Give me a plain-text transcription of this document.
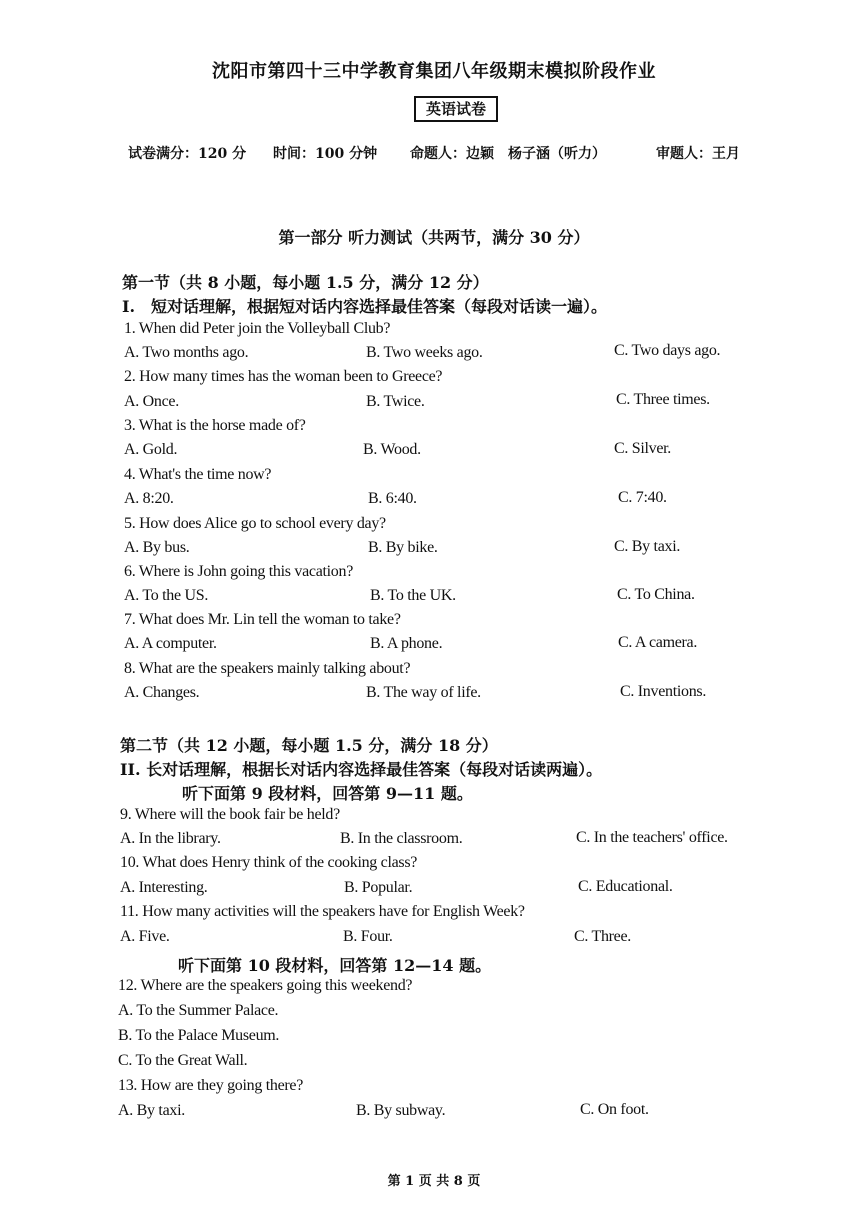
沈阳市第四十三中学教育集团八年级期末模拟阶段作业
英语试卷
试卷满分：120 分 时间：100 分钟 命题人：边颖　杨子涵（听力）	审题人：王月
第一部分 听力测试（共两节，满分 30 分）
第一节（共 8 小题，每小题 1.5 分，满分 12 分）
I.　短对话理解，根据短对话内容选择最佳答案（每段对话读一遍）。
1. When did Peter join the Volleyball Club?
A. Two months ago.	B. Two weeks ago.	C. Two days ago.
2. How many times has the woman been to Greece?
A. Once.	B. Twice.	C. Three times.
3. What is the horse made of?
A. Gold.	B. Wood.	C. Silver.
4. What's the time now?
A. 8:20.	B. 6:40.	C. 7:40.
5. How does Alice go to school every day?
A. By bus.	B. By bike.	C. By taxi.
6. Where is John going this vacation?
A. To the US.	B. To the UK.	C. To China.
7. What does Mr. Lin tell the woman to take?
A. A computer.	B. A phone.	C. A camera.
8. What are the speakers mainly talking about?
A. Changes.	B. The way of life.	C. Inventions.
第二节（共 12 小题，每小题 1.5 分，满分 18 分）
II. 长对话理解，根据长对话内容选择最佳答案（每段对话读两遍）。
听下面第 9 段材料，回答第 9—11 题。
9. Where will the book fair be held?
A. In the library.	B. In the classroom.	C. In the teachers' office.
10. What does Henry think of the cooking class?
A. Interesting.	B. Popular.	C. Educational.
11. How many activities will the speakers have for English Week?
A. Five.	B. Four.	C. Three.
听下面第 10 段材料，回答第 12—14 题。
12. Where are the speakers going this weekend?
A. To the Summer Palace.
B. To the Palace Museum.
C. To the Great Wall.
13. How are they going there?
A. By taxi.	B. By subway.	C. On foot.
第 1 页 共 8 页
